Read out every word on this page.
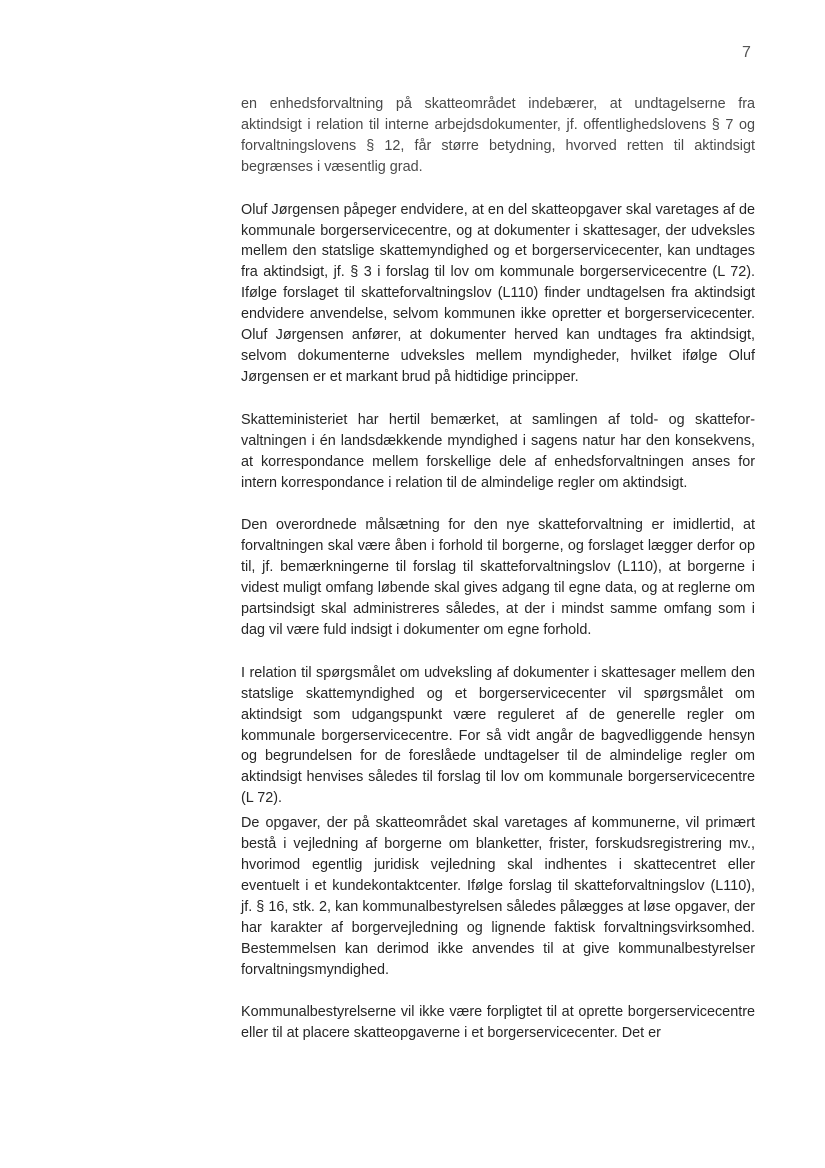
7

en enhedsforvaltning på skatteområdet indebærer, at undtagelserne fra aktindsigt i relation til interne arbejdsdokumenter, jf. offentlighedslovens § 7 og forvaltningslovens § 12, får større betydning, hvorved retten til aktindsigt begrænses i væsentlig grad.

Oluf Jørgensen påpeger endvidere, at en del skatteopgaver skal varetages af de kommunale borgerservicecentre, og at dokumenter i skattesager, der udveksles mellem den statslige skattemyndighed og et borgerservicecenter, kan undtages fra aktindsigt, jf. § 3 i forslag til lov om kommunale borgerservicecentre (L 72). Ifølge forslaget til skatteforvaltningslov (L110) finder undtagelsen fra aktindsigt endvidere anvendelse, selvom kommunen ikke opretter et borgerservicecenter. Oluf Jørgensen anfører, at dokumenter herved kan undtages fra aktindsigt, selvom dokumenterne udveksles mellem myndigheder, hvilket ifølge Oluf Jørgensen er et markant brud på hidtidige principper.

Skatteministeriet har hertil bemærket, at samlingen af told- og skatteforvaltningen i én landsdækkende myndighed i sagens natur har den konsekvens, at korrespondance mellem forskellige dele af enhedsforvaltningen anses for intern korrespondance i relation til de almindelige regler om aktindsigt.

Den overordnede målsætning for den nye skatteforvaltning er imidlertid, at forvaltningen skal være åben i forhold til borgerne, og forslaget lægger derfor op til, jf. bemærkningerne til forslag til skatteforvaltningslov (L110), at borgerne i videst muligt omfang løbende skal gives adgang til egne data, og at reglerne om partsindsigt skal administreres således, at der i mindst samme omfang som i dag vil være fuld indsigt i dokumenter om egne forhold.

I relation til spørgsmålet om udveksling af dokumenter i skattesager mellem den statslige skattemyndighed og et borgerservicecenter vil spørgsmålet om aktindsigt som udgangspunkt være reguleret af de generelle regler om kommunale borgerservicecentre. For så vidt angår de bagvedliggende hensyn og begrundelsen for de foreslåede undtagelser til de almindelige regler om aktindsigt henvises således til forslag til lov om kommunale borgerservicecentre (L 72).

De opgaver, der på skatteområdet skal varetages af kommunerne, vil primært bestå i vejledning af borgerne om blanketter, frister, forskudsregistrering mv., hvorimod egentlig juridisk vejledning skal indhentes i skattecentret eller eventuelt i et kundekontaktcenter. Ifølge forslag til skatteforvaltningslov (L110), jf. § 16, stk. 2, kan kommunalbestyrelsen således pålægges at løse opgaver, der har karakter af borgervejledning og lignende faktisk forvaltningsvirksomhed. Bestemmelsen kan derimod ikke anvendes til at give kommunalbestyrelser forvaltningsmyndighed.

Kommunalbestyrelserne vil ikke være forpligtet til at oprette borgerservicecentre eller til at placere skatteopgaverne i et borgerservicecenter. Det er
